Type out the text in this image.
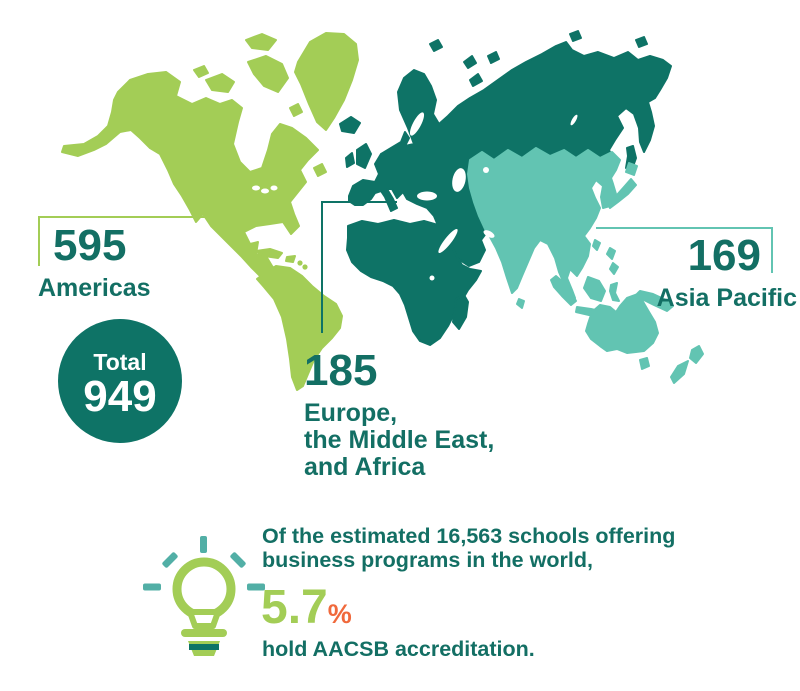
595
Americas
185
Europe,
the Middle East,
and Africa
169
Asia Pacific
Total
949
Of the estimated 16,563 schools offering
business programs in the world,
5.7%
hold AACSB accreditation.
